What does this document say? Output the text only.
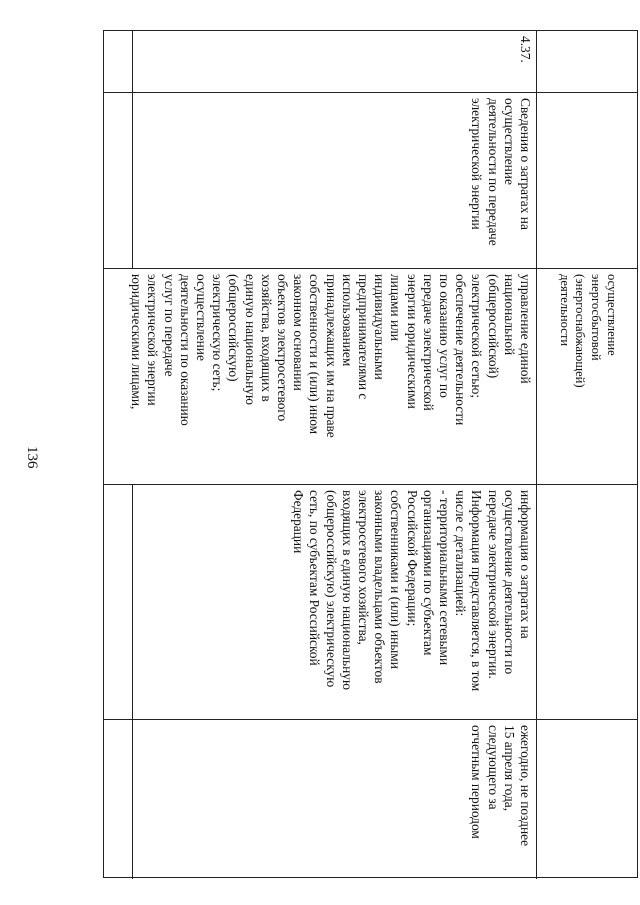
136
4.37.
Сведения о затратах на
осуществление
деятельности по передаче
электрической энергии
осуществление
энергосбытовой
(энергоснабжающей)
деятельности
управление единой
национальной
(общероссийской)
электрической сетью;
обеспечение деятельности
по оказанию услуг по
передаче электрической
энергии юридическими
лицами или
индивидуальными
предпринимателями с
использованием
принадлежащих им на праве
собственности и (или) ином
законном основании
объектов электросетевого
хозяйства, входящих в
единую национальную
(общероссийскую)
электрическую сеть;
осуществление
деятельности по оказанию
услуг по передаче
электрической энергии
юридическими лицами,
информация о затратах на
осуществление деятельности по
передаче электрической энергии.
Информация представляется, в том
числе с детализацией:
- территориальными сетевыми
организациями по субъектам
Российской Федерации;
собственниками и (или) иными
законными владельцами объектов
электросетевого хозяйства,
входящих в единую национальную
(общероссийскую) электрическую
сеть, по субъектам Российской
Федерации
ежегодно, не позднее
15 апреля года,
следующего за
отчетным периодом
